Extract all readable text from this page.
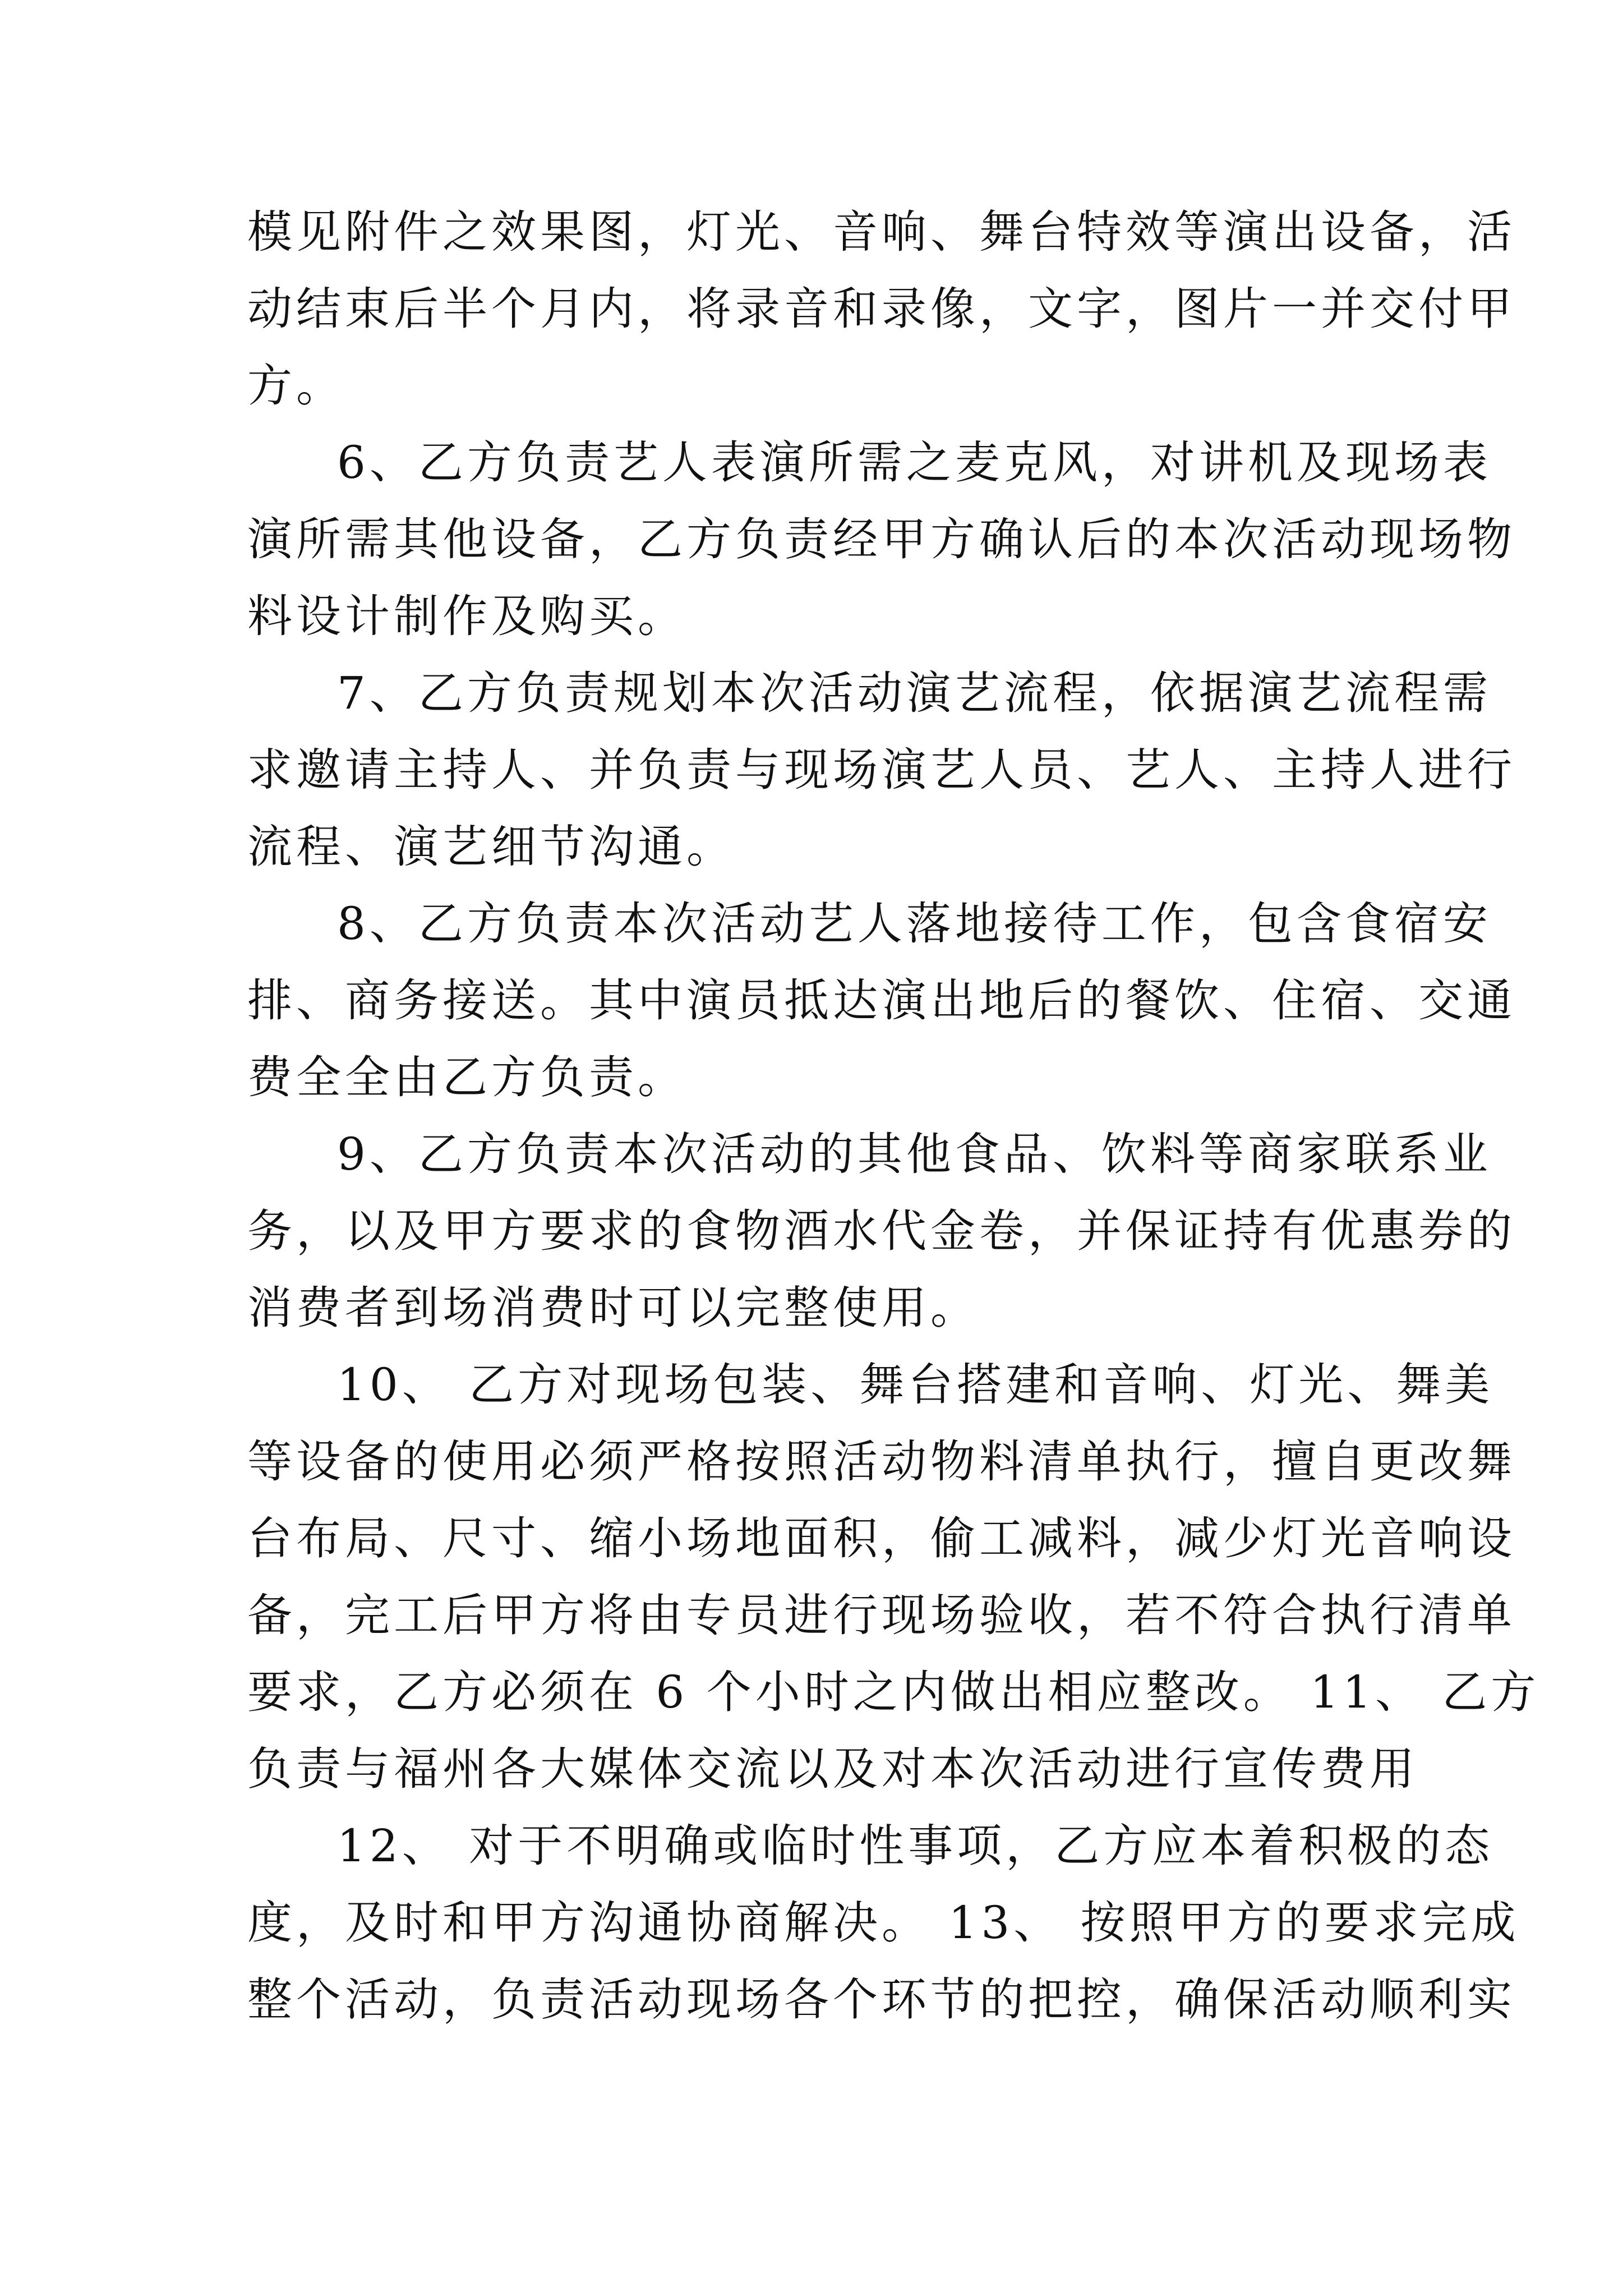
模见附件之效果图，灯光、音响、舞台特效等演出设备，活
动结束后半个月内，将录音和录像，文字，图片一并交付甲
方。
6、乙方负责艺人表演所需之麦克风，对讲机及现场表
演所需其他设备，乙方负责经甲方确认后的本次活动现场物
料设计制作及购买。
7、乙方负责规划本次活动演艺流程，依据演艺流程需
求邀请主持人、并负责与现场演艺人员、艺人、主持人进行
流程、演艺细节沟通。
8、乙方负责本次活动艺人落地接待工作，包含食宿安
排、商务接送。其中演员抵达演出地后的餐饮、住宿、交通
费全全由乙方负责。
9、乙方负责本次活动的其他食品、饮料等商家联系业
务，以及甲方要求的食物酒水代金卷，并保证持有优惠券的
消费者到场消费时可以完整使用。
10、 乙方对现场包装、舞台搭建和音响、灯光、舞美
等设备的使用必须严格按照活动物料清单执行，擅自更改舞
台布局、尺寸、缩小场地面积，偷工减料，减少灯光音响设
备，完工后甲方将由专员进行现场验收，若不符合执行清单
要求，乙方必须在 6 个小时之内做出相应整改。 11、 乙方
负责与福州各大媒体交流以及对本次活动进行宣传费用
12、 对于不明确或临时性事项，乙方应本着积极的态
度，及时和甲方沟通协商解决。 13、 按照甲方的要求完成
整个活动，负责活动现场各个环节的把控，确保活动顺利实
